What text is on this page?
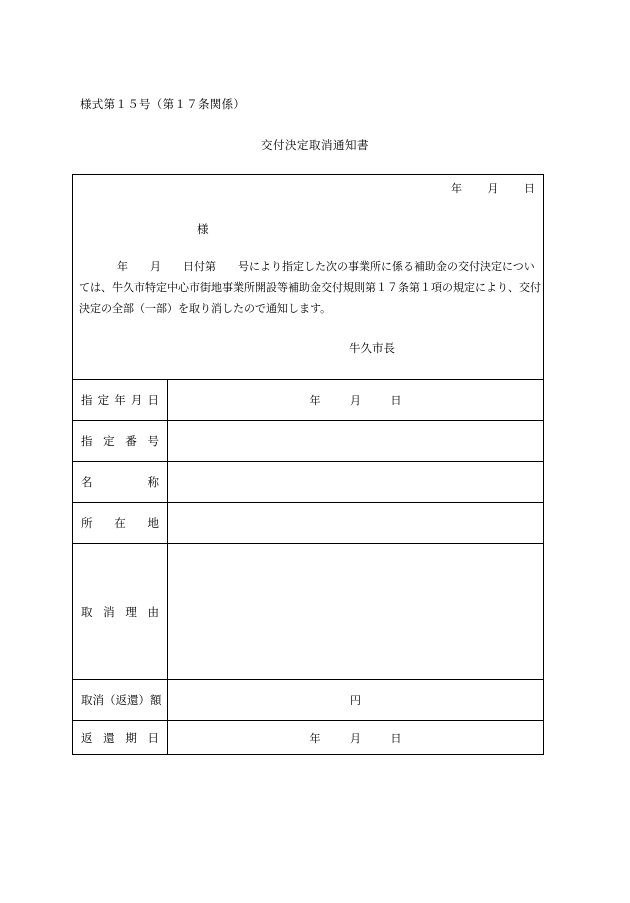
様式第１５号（第１７条関係）
交付決定取消通知書
年 月 日
様
年　　月　　日付第　　号により指定した次の事業所に係る補助金の交付決定については、牛久市特定中心市街地事業所開設等補助金交付規則第１７条第１項の規定により、交付決定の全部（一部）を取り消したので通知します。
牛久市長
指定年月日	年 月 日
指定番号
名称
所在地
取消理由
取消（返還）額	円
返還期日	年 月 日
